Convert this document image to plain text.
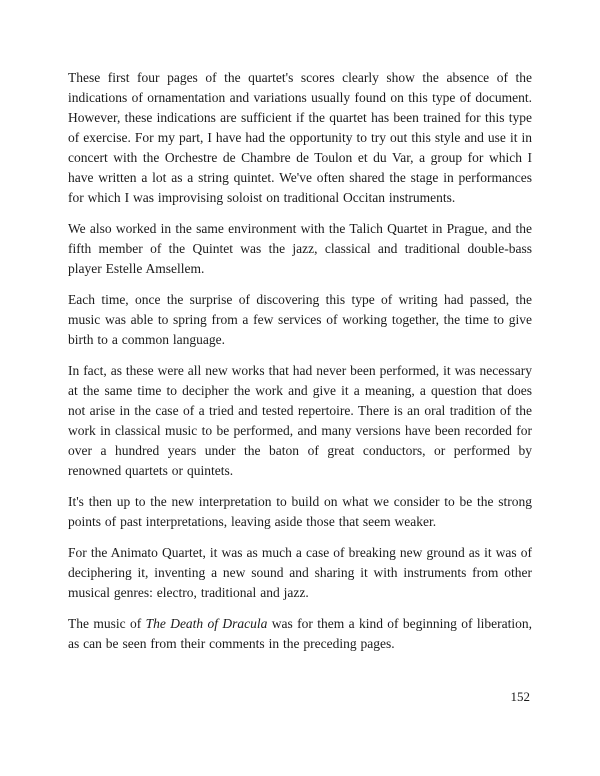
These first four pages of the quartet's scores clearly show the absence of the indications of ornamentation and variations usually found on this type of document. However, these indications are sufficient if the quartet has been trained for this type of exercise. For my part, I have had the opportunity to try out this style and use it in concert with the Orchestre de Chambre de Toulon et du Var, a group for which I have written a lot as a string quintet. We've often shared the stage in performances for which I was improvising soloist on traditional Occitan instruments.

We also worked in the same environment with the Talich Quartet in Prague, and the fifth member of the Quintet was the jazz, classical and traditional double-bass player Estelle Amsellem.

Each time, once the surprise of discovering this type of writing had passed, the music was able to spring from a few services of working together, the time to give birth to a common language.

In fact, as these were all new works that had never been performed, it was necessary at the same time to decipher the work and give it a meaning, a question that does not arise in the case of a tried and tested repertoire. There is an oral tradition of the work in classical music to be performed, and many versions have been recorded for over a hundred years under the baton of great conductors, or performed by renowned quartets or quintets.

It's then up to the new interpretation to build on what we consider to be the strong points of past interpretations, leaving aside those that seem weaker.

For the Animato Quartet, it was as much a case of breaking new ground as it was of deciphering it, inventing a new sound and sharing it with instruments from other musical genres: electro, traditional and jazz.

The music of The Death of Dracula was for them a kind of beginning of liberation, as can be seen from their comments in the preceding pages.

152
